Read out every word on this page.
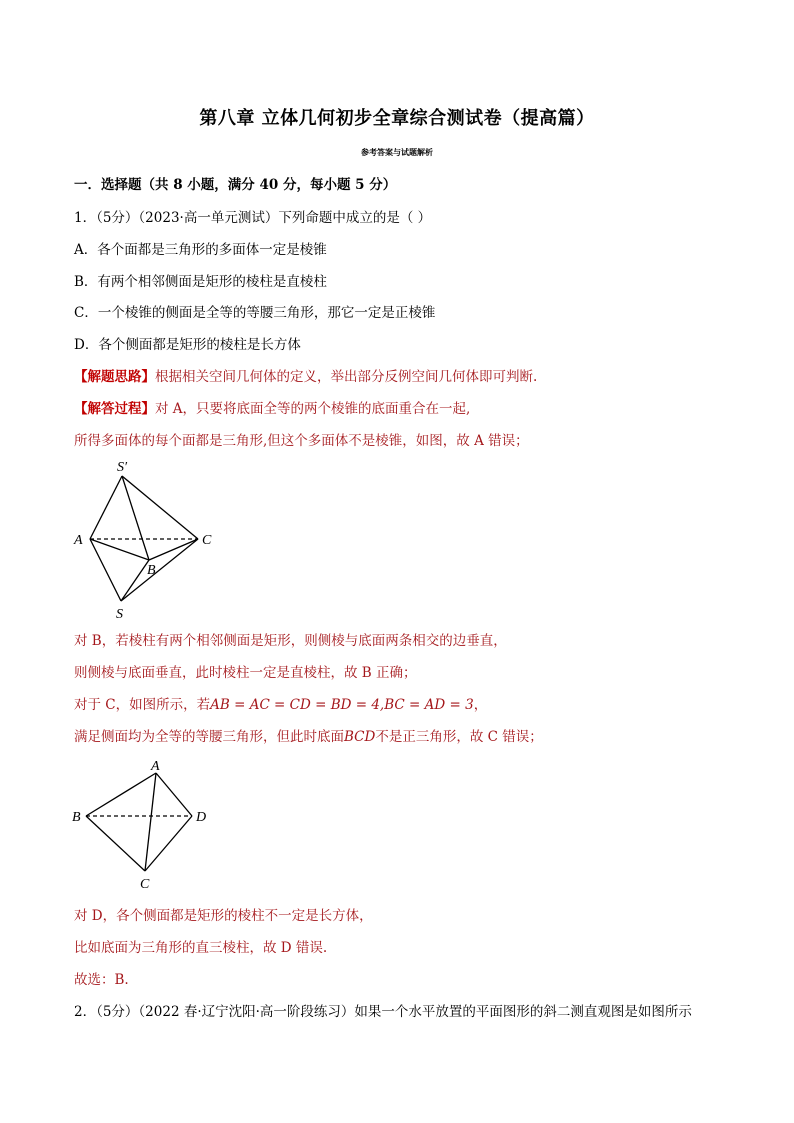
第八章 立体几何初步全章综合测试卷（提高篇）
参考答案与试题解析
一．选择题（共 8 小题，满分 40 分，每小题 5 分）
1．（5分）（2023·高一单元测试）下列命题中成立的是（ ）
A．各个面都是三角形的多面体一定是棱锥
B．有两个相邻侧面是矩形的棱柱是直棱柱
C．一个棱锥的侧面是全等的等腰三角形，那它一定是正棱锥
D．各个侧面都是矩形的棱柱是长方体
【解题思路】根据相关空间几何体的定义，举出部分反例空间几何体即可判断.
【解答过程】对 A，只要将底面全等的两个棱锥的底面重合在一起,
所得多面体的每个面都是三角形,但这个多面体不是棱锥，如图，故 A 错误；
S′
A	C
B
S
对 B，若棱柱有两个相邻侧面是矩形，则侧棱与底面两条相交的边垂直，
则侧棱与底面垂直，此时棱柱一定是直棱柱，故 B 正确；
对于 C，如图所示，若AB = AC = CD = BD = 4,BC = AD = 3，
满足侧面均为全等的等腰三角形，但此时底面BCD不是正三角形，故 C 错误；
A
B	D
C
对 D，各个侧面都是矩形的棱柱不一定是长方体，
比如底面为三角形的直三棱柱，故 D 错误.
故选：B.
2．（5分）（2022 春·辽宁沈阳·高一阶段练习）如果一个水平放置的平面图形的斜二测直观图是如图所示
